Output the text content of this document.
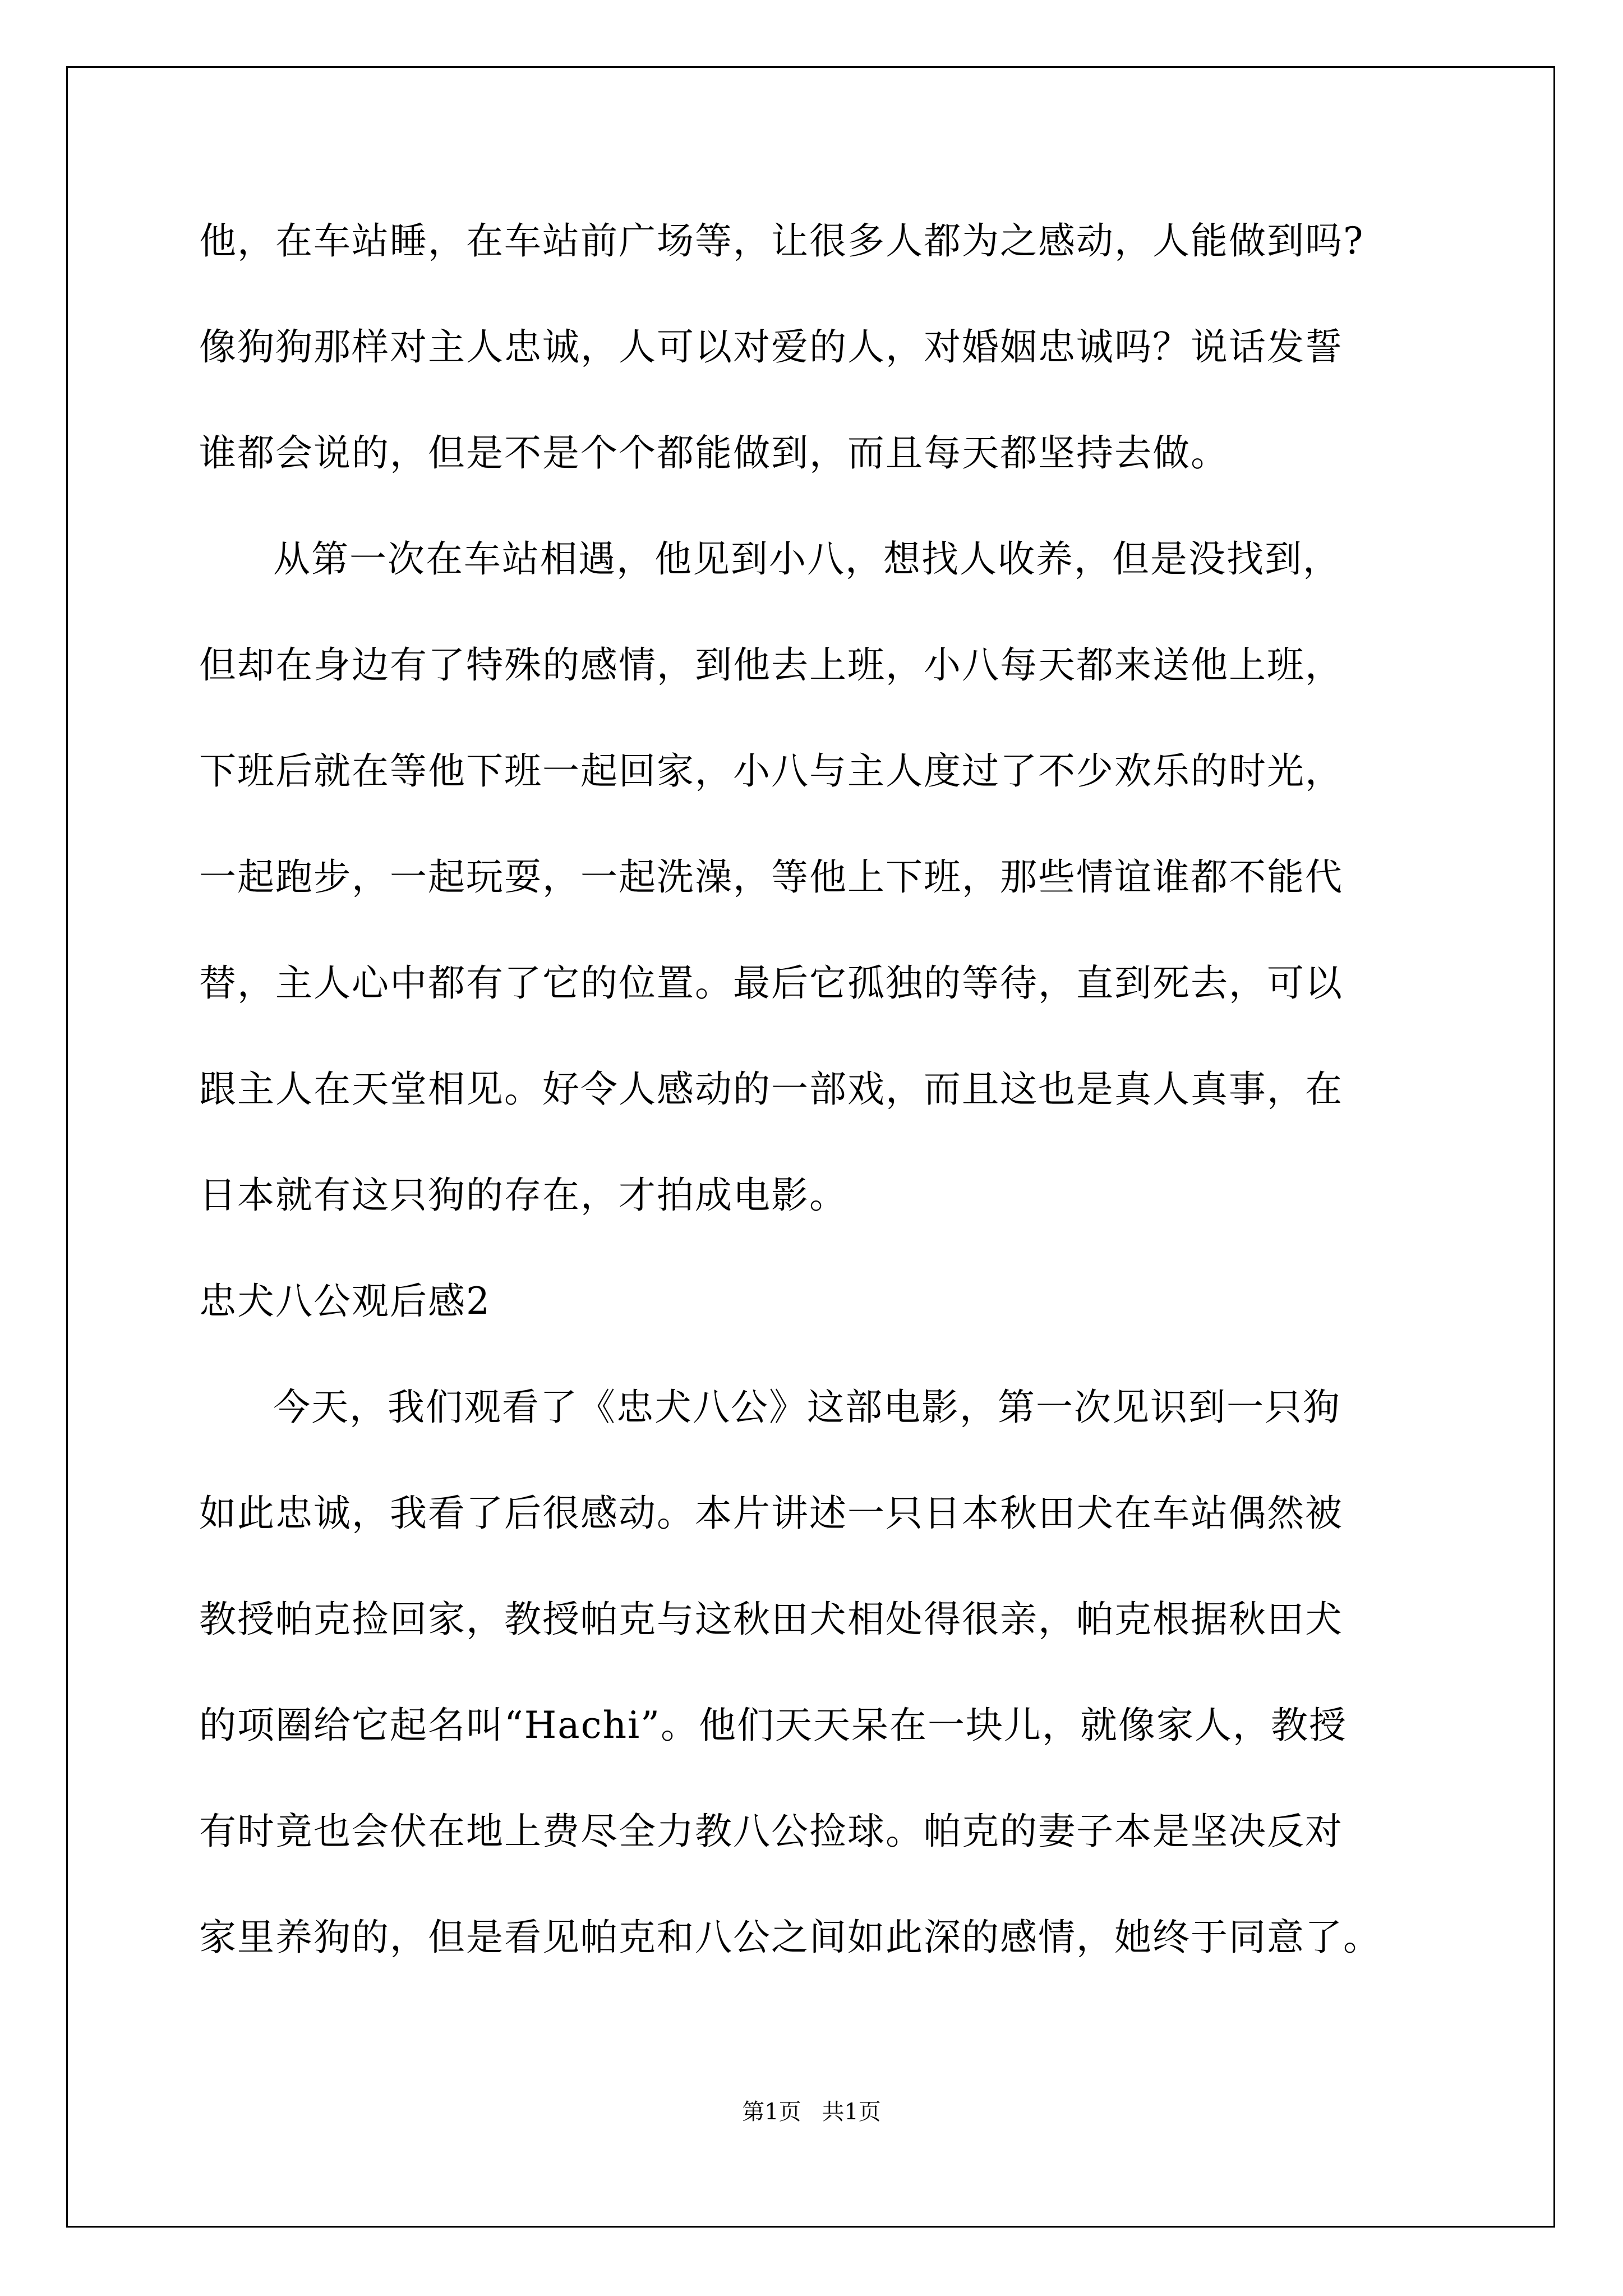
他，在车站睡，在车站前广场等，让很多人都为之感动，人能做到吗?
像狗狗那样对主人忠诚，人可以对爱的人，对婚姻忠诚吗？说话发誓
谁都会说的，但是不是个个都能做到，而且每天都坚持去做。
从第一次在车站相遇，他见到小八，想找人收养，但是没找到，
但却在身边有了特殊的感情，到他去上班，小八每天都来送他上班，
下班后就在等他下班一起回家，小八与主人度过了不少欢乐的时光，
一起跑步，一起玩耍，一起洗澡，等他上下班，那些情谊谁都不能代
替，主人心中都有了它的位置。最后它孤独的等待，直到死去，可以
跟主人在天堂相见。好令人感动的一部戏，而且这也是真人真事，在
日本就有这只狗的存在，才拍成电影。
忠犬八公观后感2
今天，我们观看了《忠犬八公》这部电影，第一次见识到一只狗
如此忠诚，我看了后很感动。本片讲述一只日本秋田犬在车站偶然被
教授帕克捡回家，教授帕克与这秋田犬相处得很亲，帕克根据秋田犬
的项圈给它起名叫“Hachi”。他们天天呆在一块儿，就像家人，教授
有时竟也会伏在地上费尽全力教八公捡球。帕克的妻子本是坚决反对
家里养狗的，但是看见帕克和八公之间如此深的感情，她终于同意了。
第1页 共1页
